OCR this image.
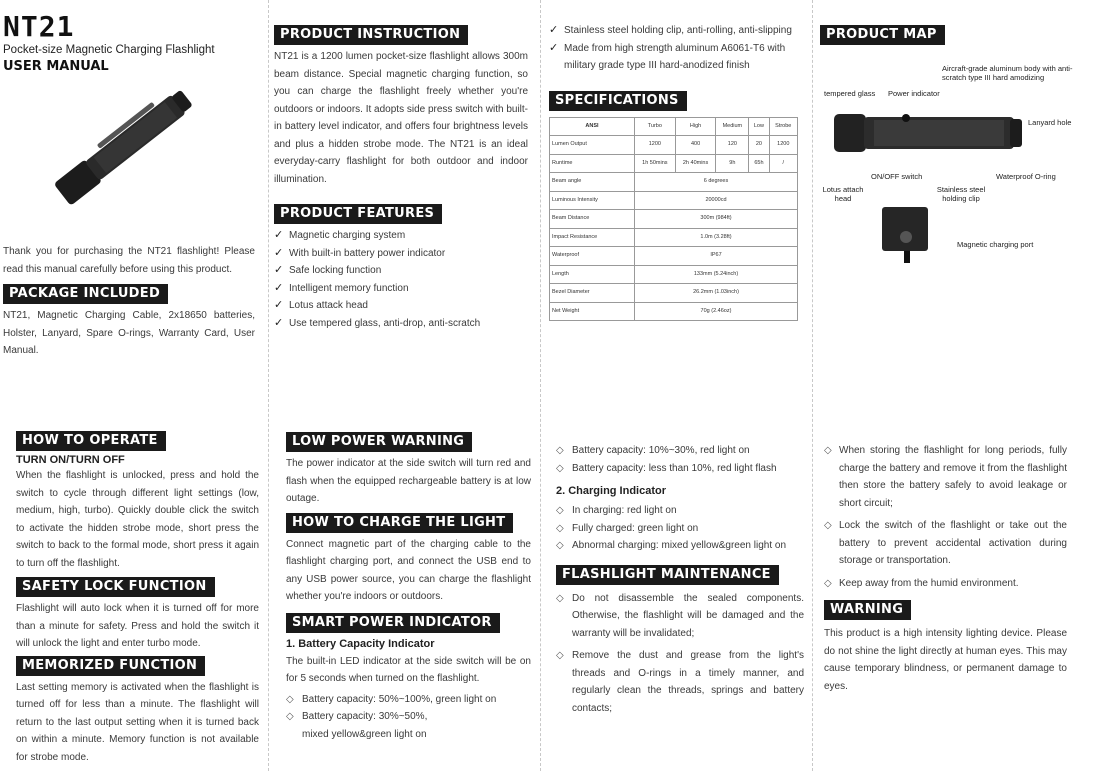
NT21
Pocket-size Magnetic Charging Flashlight
USER MANUAL
Thank you for purchasing the NT21 flashlight! Please read this manual carefully before using this product.
PACKAGE INCLUDED
NT21, Magnetic Charging Cable, 2x18650 batteries, Holster, Lanyard, Spare O-rings, Warranty Card, User Manual.
PRODUCT INSTRUCTION
NT21 is a 1200 lumen pocket-size flashlight allows 300m beam distance. Special magnetic charging function, so you can charge the flashlight freely whether you're outdoors or indoors. It adopts side press switch with built-in battery level indicator, and offers four brightness levels and plus a hidden strobe mode. The NT21 is an ideal everyday-carry flashlight for both outdoor and indoor illumination.
PRODUCT FEATURES
✓ Magnetic charging system
✓ With built-in battery power indicator
✓ Safe locking function
✓ Intelligent memory function
✓ Lotus attack head
✓ Use tempered glass, anti-drop, anti-scratch
✓ Stainless steel holding clip, anti-rolling, anti-slipping
✓ Made from high strength aluminum A6061-T6 with military grade type III hard-anodized finish
SPECIFICATIONS
ANSI	Turbo	High	Medium	Low	Strobe
Lumen Output	1200	400	120	20	1200
Runtime	1h 50mins	2h 40mins	9h	65h	/
Beam angle	6 degrees				
Luminous Intensity	20000cd				
Beam Distance	300m (984ft)				
Impact Resistance	1.0m (3.28ft)				
Waterproof	IP67				
Length	133mm (5.24inch)				
Bezel Diameter	26.2mm (1.03inch)				
Net Weight	70g (2.46oz)				
PRODUCT MAP
Aircraft-grade aluminum body with anti-scratch type III hard amodizing
tempered glass Power indicator
Lanyard hole
ON/OFF switch	Waterproof O-ring
Lotus attach head
Stainless steel holding clip
Magnetic charging port
HOW TO OPERATE
TURN ON/TURN OFF
When the flashlight is unlocked, press and hold the switch to cycle through different light settings (low, medium, high, turbo). Quickly double click the switch to activate the hidden strobe mode, short press the switch to back to the formal mode, short press it again to turn off the flashlight.
SAFETY LOCK FUNCTION
Flashlight will auto lock when it is turned off for more than a minute for safety. Press and hold the switch it will unlock the light and enter turbo mode.
MEMORIZED FUNCTION
Last setting memory is activated when the flashlight is turned off for less than a minute. The flashlight will return to the last output setting when it is turned back on within a minute. Memory function is not available for strobe mode.
LOW POWER WARNING
The power indicator at the side switch will turn red and flash when the equipped rechargeable battery is at low outage.
HOW TO CHARGE THE LIGHT
Connect magnetic part of the charging cable to the flashlight charging port, and connect the USB end to any USB power source, you can charge the flashlight whether you're indoors or outdoors.
SMART POWER INDICATOR
1. Battery Capacity Indicator
The built-in LED indicator at the side switch will be on for 5 seconds when turned on the flashlight.
◇ Battery capacity: 50%~100%, green light on
◇ Battery capacity: 30%~50%,
mixed yellow&green light on
◇ Battery capacity: 10%~30%, red light on
◇ Battery capacity: less than 10%, red light flash
2. Charging Indicator
◇ In charging: red light on
◇ Fully charged: green light on
◇ Abnormal charging: mixed yellow&green light on
FLASHLIGHT MAINTENANCE
◇ Do not disassemble the sealed components. Otherwise, the flashlight will be damaged and the warranty will be invalidated;
◇ Remove the dust and grease from the light's threads and O-rings in a timely manner, and regularly clean the threads, springs and battery contacts;
◇ When storing the flashlight for long periods, fully charge the battery and remove it from the flashlight then store the battery safely to avoid leakage or short circuit;
◇ Lock the switch of the flashlight or take out the battery to prevent accidental activation during storage or transportation.
◇ Keep away from the humid environment.
WARNING
This product is a high intensity lighting device. Please do not shine the light directly at human eyes. This may cause temporary blindness, or permanent damage to eyes.
